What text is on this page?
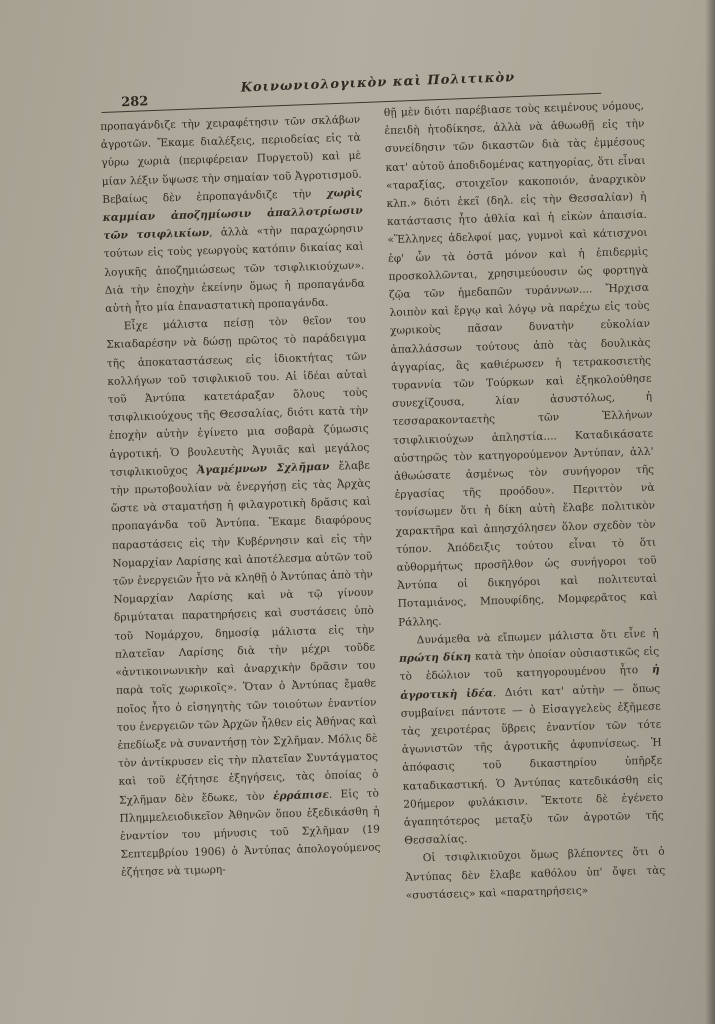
282
Κοινωνιολογικὸν καὶ Πολιτικὸν

προπαγάνδιζε τὴν χειραφέτησιν τῶν σκλάβων ἀγροτῶν. Ἔκαμε διαλέξεις, περιοδείας εἰς τὰ γύρω χωριὰ (περιφέρειαν Πυργετοῦ) καὶ μὲ μίαν λέξιν ὕψωσε τὴν σημαίαν τοῦ Ἀγροτισμοῦ. Βεβαίως δὲν ἐπροπαγάνδιζε τὴν χωρὶς καμμίαν ἀποζημίωσιν ἀπαλλοτρίωσιν τῶν τσιφλικίων, ἀλλὰ «τὴν παραχώρησιν τούτων εἰς τοὺς γεωργοὺς κατόπιν δικαίας καὶ λογικῆς ἀποζημιώσεως τῶν τσιφλικιούχων». Διὰ τὴν ἐποχὴν ἐκείνην ὅμως ἡ προπαγάνδα αὐτὴ ἦτο μία ἐπαναστατικὴ προπαγάνδα.

Εἶχε μάλιστα πείσῃ τὸν θεῖον του Σκιαδαρέσην νὰ δώσῃ πρῶτος τὸ παράδειγμα τῆς ἀποκαταστάσεως εἰς ἰδιοκτήτας τῶν κολλήγων τοῦ τσιφλικιοῦ του. Αἱ ἰδέαι αὐταὶ τοῦ Ἀντύπα κατετάραξαν ὅλους τοὺς τσιφλικιούχους τῆς Θεσσαλίας, διότι κατὰ τὴν ἐποχὴν αὐτὴν ἐγίνετο μια σοβαρὰ ζύμωσις ἀγροτική. Ὁ βουλευτὴς Ἀγυιᾶς καὶ μεγάλος τσιφλικιοῦχος Ἀγαμέμνων Σχλῆμαν ἔλαβε τὴν πρωτοβουλίαν νὰ ἐνεργήσῃ εἰς τὰς Ἀρχὰς ὥστε νὰ σταματήσῃ ἡ φιλαγροτικὴ δρᾶσις καὶ προπαγάνδα τοῦ Ἀντύπα. Ἔκαμε διαφόρους παραστάσεις εἰς τὴν Κυβέρνησιν καὶ εἰς τὴν Νομαρχίαν Λαρίσης καὶ ἀποτέλεσμα αὐτῶν τοῦ τῶν ἐνεργειῶν ἦτο νὰ κληθῇ ὁ Ἀντύπας ἀπὸ τὴν Νομαρχίαν Λαρίσης καὶ νὰ τῷ γίνουν δριμύταται παρατηρήσεις καὶ συστάσεις ὑπὸ τοῦ Νομάρχου, δημοσίᾳ μάλιστα εἰς τὴν πλατεῖαν Λαρίσης διὰ τὴν μέχρι τοῦδε «ἀντικοινωνικὴν καὶ ἀναρχικὴν δρᾶσιν του παρὰ τοῖς χωρικοῖς». Ὅταν ὁ Ἀντύπας ἔμαθε ποῖος ἦτο ὁ εἰσηγητὴς τῶν τοιούτων ἐναντίον του ἐνεργειῶν τῶν Ἀρχῶν ἦλθεν εἰς Ἀθήνας καὶ ἐπεδίωξε νὰ συναντήσῃ τὸν Σχλῆμαν. Μόλις δὲ τὸν ἀντίκρυσεν εἰς τὴν πλατεῖαν Συντάγματος καὶ τοῦ ἐζήτησε ἐξηγήσεις, τὰς ὁποίας ὁ Σχλῆμαν δὲν ἔδωκε, τὸν ἐρράπισε. Εἰς τὸ Πλημμελειοδικεῖον Ἀθηνῶν ὅπου ἐξεδικάσθη ἡ ἐναντίον του μήνυσις τοῦ Σχλῆμαν (19 Σεπτεμβρίου 1906) ὁ Ἀντύπας ἀπολογούμενος ἐζήτησε νὰ τιμωρη-

θῇ μὲν διότι παρέβιασε τοὺς κειμένους νόμους, ἐπειδὴ ἠτοδίκησε, ἀλλὰ νὰ ἀθωωθῇ εἰς τὴν συνείδησιν τῶν δικαστῶν διὰ τὰς ἐμμέσους κατ' αὐτοῦ ἀποδιδομένας κατηγορίας, ὅτι εἶναι «ταραξίας, στοιχεῖον κακοποιόν, ἀναρχικὸν κλπ.» διότι ἐκεῖ (δηλ. εἰς τὴν Θεσσαλίαν) ἡ κατάστασις ἦτο ἀθλία καὶ ἡ εἰκὼν ἀπαισία. «Ἕλληνες ἀδελφοί μας, γυμνοὶ καὶ κάτισχνοι ἐφ' ὧν τὰ ὀστᾶ μόνον καὶ ἡ ἐπιδερμὶς προσκολλῶνται, χρησιμεύουσιν ὡς φορτηγὰ ζῷα τῶν ἡμεδαπῶν τυράννων.... Ἤρχισα λοιπὸν καὶ ἔργῳ καὶ λόγῳ νὰ παρέχω εἰς τοὺς χωρικοὺς πᾶσαν δυνατὴν εὐκολίαν ἀπαλλάσσων τούτους ἀπὸ τὰς δουλικὰς ἀγγαρίας, ἃς καθιέρωσεν ἡ τετρακοσιετὴς τυραννία τῶν Τούρκων καὶ ἐξηκολούθησε συνεχίζουσα, λίαν ἀσυστόλως, ἡ τεσσαρακονταετὴς τῶν Ἑλλήνων τσιφλικιούχων ἀπληστία.... Καταδικάσατε αὐστηρῶς τὸν κατηγορούμενον Ἀντύπαν, ἀλλ' ἀθωώσατε ἀσμένως τὸν συνήγορον τῆς ἐργασίας τῆς προόδου». Περιττὸν νὰ τονίσωμεν ὅτι ἡ δίκη αὐτὴ ἔλαβε πολιτικὸν χαρακτῆρα καὶ ἀπησχόλησεν ὅλον σχεδὸν τὸν τύπον. Ἀπόδειξις τούτου εἶναι τὸ ὅτι αὐθορμήτως προσῆλθον ὡς συνήγοροι τοῦ Ἀντύπα οἱ δικηγόροι καὶ πολιτευταὶ Ποταμιάνος, Μπουφίδης, Μομφερᾶτος καὶ Ράλλης.

Δυνάμεθα νὰ εἴπωμεν μάλιστα ὅτι εἶνε ἡ πρώτη δίκη κατὰ τὴν ὁποίαν οὐσιαστικῶς εἰς τὸ ἑδώλιον τοῦ κατηγορουμένου ἦτο ἡ ἀγροτικὴ ἰδέα. Διότι κατ' αὐτὴν — ὅπως συμβαίνει πάντοτε — ὁ Εἰσαγγελεὺς ἐξῆμεσε τὰς χειροτέρας ὕβρεις ἐναντίον τῶν τότε ἀγωνιστῶν τῆς ἀγροτικῆς ἀφυπνίσεως. Ἡ ἀπόφασις τοῦ δικαστηρίου ὑπῆρξε καταδικαστική. Ὁ Ἀντύπας κατεδικάσθη εἰς 20ήμερον φυλάκισιν. Ἔκτοτε δὲ ἐγένετο ἀγαπητότερος μεταξὺ τῶν ἀγροτῶν τῆς Θεσσαλίας.

Οἱ τσιφλικιοῦχοι ὅμως βλέποντες ὅτι ὁ Ἀντύπας δὲν ἔλαβε καθόλου ὑπ' ὄψει τὰς «συστάσεις» καὶ «παρατηρήσεις»
